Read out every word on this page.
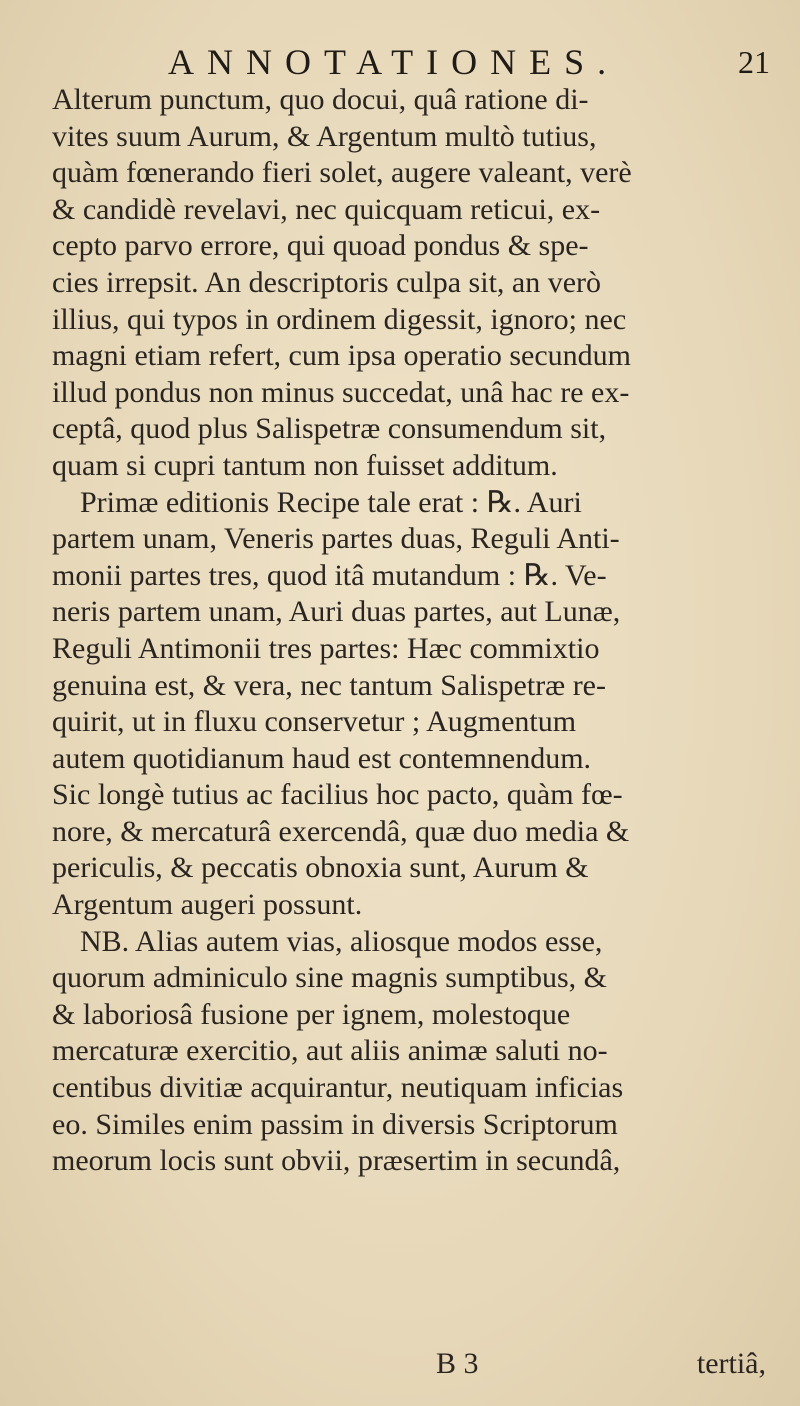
ANNOTATIONES.	21
Alterum punctum, quo docui, quâ ratione di-
vites suum Aurum, & Argentum multò tutius,
quàm fœnerando fieri solet, augere valeant, verè
& candidè revelavi, nec quicquam reticui, ex-
cepto parvo errore, qui quoad pondus & spe-
cies irrepsit. An descriptoris culpa sit, an verò
illius, qui typos in ordinem digessit, ignoro; nec
magni etiam refert, cum ipsa operatio secundum
illud pondus non minus succedat, unâ hac re ex-
ceptâ, quod plus Salispetræ consumendum sit,
quam si cupri tantum non fuisset additum.
Primæ editionis Recipe tale erat : ℞. Auri
partem unam, Veneris partes duas, Reguli Anti-
monii partes tres, quod itâ mutandum : ℞. Ve-
neris partem unam, Auri duas partes, aut Lunæ,
Reguli Antimonii tres partes: Hæc commixtio
genuina est, & vera, nec tantum Salispetræ re-
quirit, ut in fluxu conservetur ; Augmentum
autem quotidianum haud est contemnendum.
Sic longè tutius ac facilius hoc pacto, quàm fœ-
nore, & mercaturâ exercendâ, quæ duo media &
periculis, & peccatis obnoxia sunt, Aurum &
Argentum augeri possunt.
NB. Alias autem vias, aliosque modos esse,
quorum adminiculo sine magnis sumptibus, &
& laboriosâ fusione per ignem, molestoque
mercaturæ exercitio, aut aliis animæ saluti no-
centibus divitiæ acquirantur, neutiquam inficias
eo. Similes enim passim in diversis Scriptorum
meorum locis sunt obvii, præsertim in secundâ,
B 3	tertiâ,
